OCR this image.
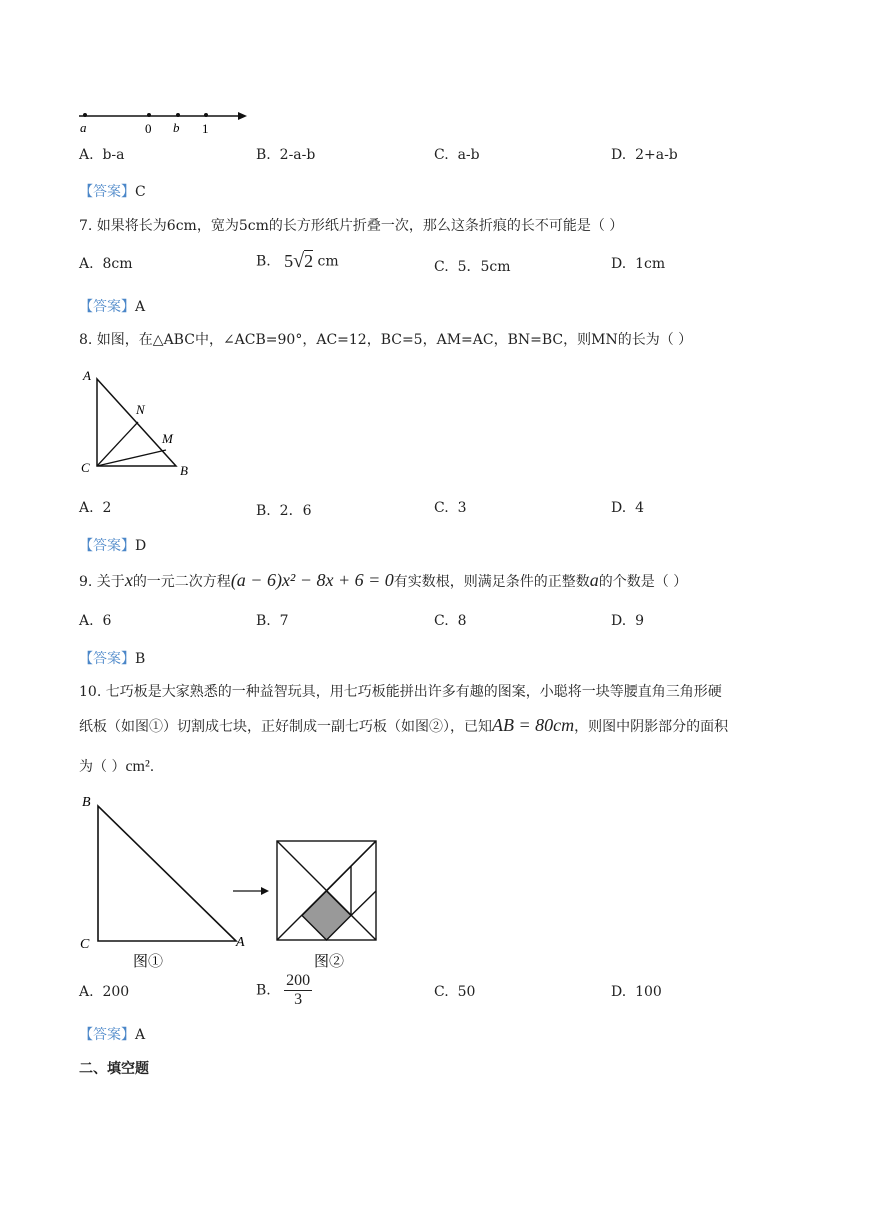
a	0 b 1
A. b-a	B. 2-a-b	C. a-b	D. 2+a-b
【答案】C
7. 如果将长为6cm，宽为5cm的长方形纸片折叠一次，那么这条折痕的长不可能是（ ）
A. 8cm	B. 5√2 cm	C. 5．5cm	D. 1cm
【答案】A
8. 如图，在△ABC中，∠ACB=90°，AC=12，BC=5，AM=AC，BN=BC，则MN的长为（ ）
A
N
M
C	B
A. 2	B. 2．6	C. 3	D. 4
【答案】D
9. 关于x的一元二次方程(a − 6)x² − 8x + 6 = 0有实数根，则满足条件的正整数a的个数是（ ）
A. 6	B. 7	C. 8	D. 9
【答案】B
10. 七巧板是大家熟悉的一种益智玩具，用七巧板能拼出许多有趣的图案，小聪将一块等腰直角三角形硬
纸板（如图①）切割成七块，正好制成一副七巧板（如图②），已知AB = 80cm，则图中阴影部分的面积
为（ ）cm².
B
C	A
图①	图②
A. 200	B. $\frac{200}{3}$	C. 50	D. 100
【答案】A
二、填空题
